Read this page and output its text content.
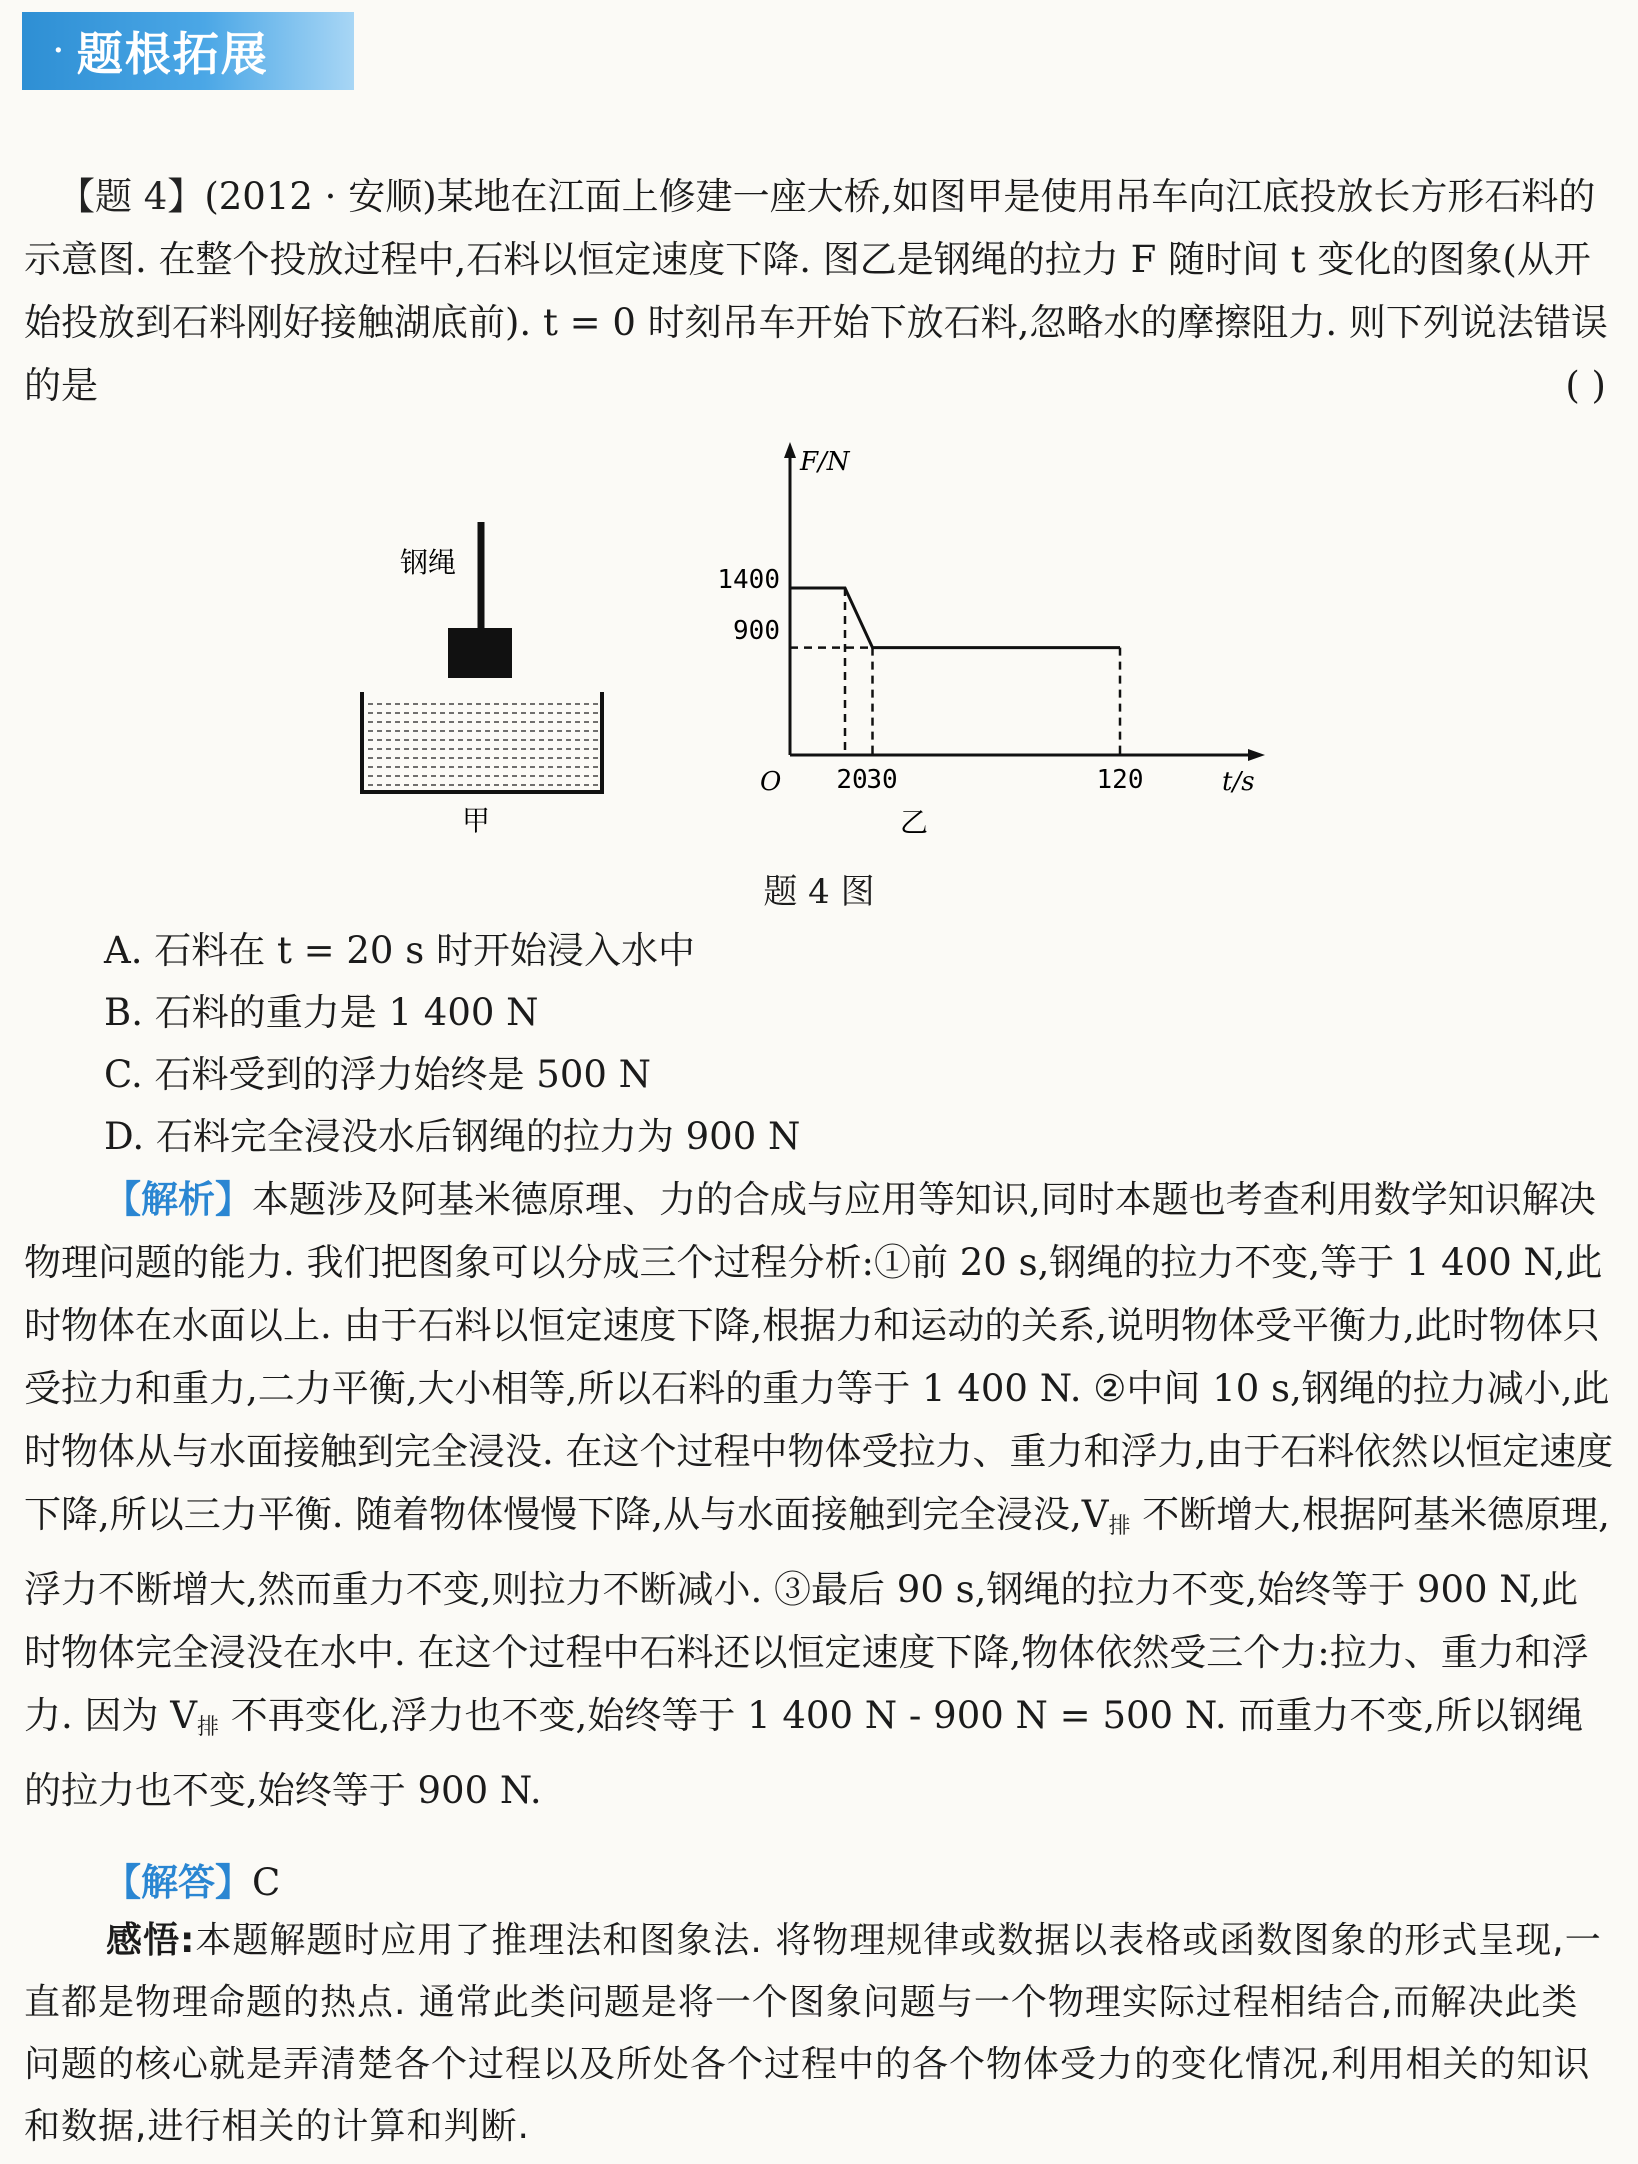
· 题根拓展

【题 4】(2012 · 安顺)某地在江面上修建一座大桥,如图甲是使用吊车向江底投放长方形石料的示意图. 在整个投放过程中,石料以恒定速度下降. 图乙是钢绳的拉力 F 随时间 t 变化的图象(从开始投放到石料刚好接触湖底前). t = 0 时刻吊车开始下放石料,忽略水的摩擦阻力. 则下列说法错误的是	( )

钢绳
甲
F/N
t/s
O
1400
900
20
30	120
乙
题 4 图
A. 石料在 t = 20 s 时开始浸入水中
B. 石料的重力是 1 400 N
C. 石料受到的浮力始终是 500 N
D. 石料完全浸没水后钢绳的拉力为 900 N

【解析】本题涉及阿基米德原理、力的合成与应用等知识,同时本题也考查利用数学知识解决物理问题的能力. 我们把图象可以分成三个过程分析:①前 20 s,钢绳的拉力不变,等于 1 400 N,此时物体在水面以上. 由于石料以恒定速度下降,根据力和运动的关系,说明物体受平衡力,此时物体只受拉力和重力,二力平衡,大小相等,所以石料的重力等于 1 400 N. ②中间 10 s,钢绳的拉力减小,此时物体从与水面接触到完全浸没. 在这个过程中物体受拉力、重力和浮力,由于石料依然以恒定速度下降,所以三力平衡. 随着物体慢慢下降,从与水面接触到完全浸没$,V_排$ 不断增大,根据阿基米德原理,浮力不断增大,然而重力不变,则拉力不断减小. ③最后 90 s,钢绳的拉力不变,始终等于 900 N,此时物体完全浸没在水中. 在这个过程中石料还以恒定速度下降,物体依然受三个力:拉力、重力和浮力. 因为 $V_排$ 不再变化,浮力也不变,始终等于 1 400 N - 900 N = 500 N. 而重力不变,所以钢绳的拉力也不变,始终等于 900 N.

【解答】C

感悟:本题解题时应用了推理法和图象法. 将物理规律或数据以表格或函数图象的形式呈现,一直都是物理命题的热点. 通常此类问题是将一个图象问题与一个物理实际过程相结合,而解决此类问题的核心就是弄清楚各个过程以及所处各个过程中的各个物体受力的变化情况,利用相关的知识和数据,进行相关的计算和判断.
